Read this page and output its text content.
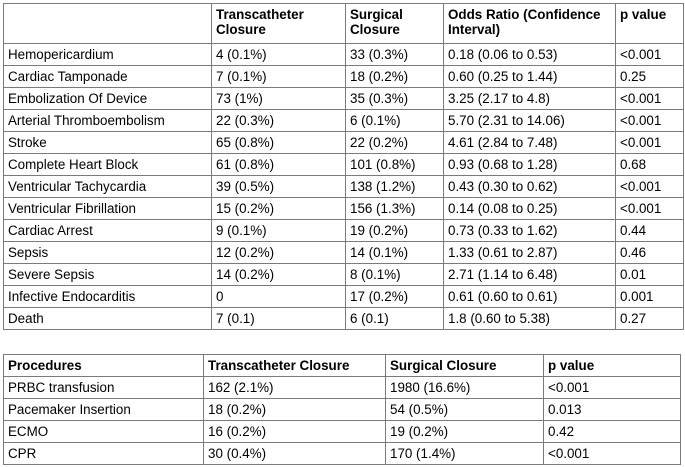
	Transcatheter Closure	Surgical Closure	Odds Ratio (Confidence Interval)	p value
Hemopericardium	4 (0.1%)	33 (0.3%)	0.18 (0.06 to 0.53)	<0.001
Cardiac Tamponade	7 (0.1%)	18 (0.2%)	0.60 (0.25 to 1.44)	0.25
Embolization Of Device	73 (1%)	35 (0.3%)	3.25 (2.17 to 4.8)	<0.001
Arterial Thromboembolism	22 (0.3%)	6 (0.1%)	5.70 (2.31 to 14.06)	<0.001
Stroke	65 (0.8%)	22 (0.2%)	4.61 (2.84 to 7.48)	<0.001
Complete Heart Block	61 (0.8%)	101 (0.8%)	0.93 (0.68 to 1.28)	0.68
Ventricular Tachycardia	39 (0.5%)	138 (1.2%)	0.43 (0.30 to 0.62)	<0.001
Ventricular Fibrillation	15 (0.2%)	156 (1.3%)	0.14 (0.08 to 0.25)	<0.001
Cardiac Arrest	9 (0.1%)	19 (0.2%)	0.73 (0.33 to 1.62)	0.44
Sepsis	12 (0.2%)	14 (0.1%)	1.33 (0.61 to 2.87)	0.46
Severe Sepsis	14 (0.2%)	8 (0.1%)	2.71 (1.14 to 6.48)	0.01
Infective Endocarditis	0	17 (0.2%)	0.61 (0.60 to 0.61)	0.001
Death	7 (0.1)	6 (0.1)	1.8 (0.60 to 5.38)	0.27
Procedures	Transcatheter Closure	Surgical Closure	p value
PRBC transfusion	162 (2.1%)	1980 (16.6%)	<0.001
Pacemaker Insertion	18 (0.2%)	54 (0.5%)	0.013
ECMO	16 (0.2%)	19 (0.2%)	0.42
CPR	30 (0.4%)	170 (1.4%)	<0.001
